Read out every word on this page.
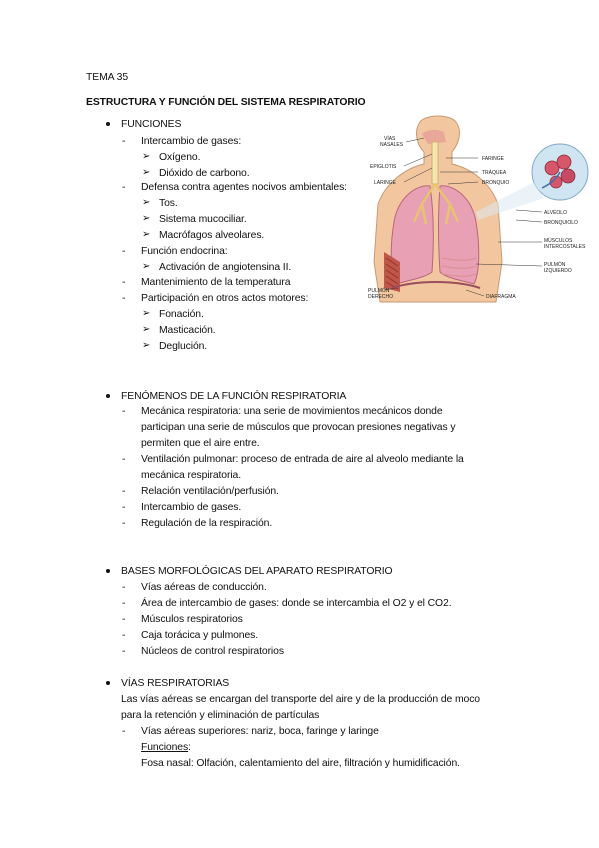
TEMA 35
ESTRUCTURA Y FUNCIÓN DEL SISTEMA RESPIRATORIO
FUNCIONES
- Intercambio de gases:
➢ Oxígeno.
➢ Dióxido de carbono.
- Defensa contra agentes nocivos ambientales:
➢ Tos.
➢ Sistema mucociliar.
➢ Macrófagos alveolares.
- Función endocrina:
➢ Activación de angiotensina II.
- Mantenimiento de la temperatura
- Participación en otros actos motores:
➢ Fonación.
➢ Masticación.
➢ Deglución.
VÍAS
NASALES
EPIGLOTIS
LARINGE
FARINGE
TRÁQUEA
BRONQUIO
ALVÉOLO
BRONQUIOLO
MÚSCULOS
INTERCOSTALES
PULMÓN
IZQUIERDO
PULMÓN
DERECHO	DIAFRAGMA
FENÓMENOS DE LA FUNCIÓN RESPIRATORIA
- Mecánica respiratoria: una serie de movimientos mecánicos donde
participan una serie de músculos que provocan presiones negativas y
permiten que el aire entre.
- Ventilación pulmonar: proceso de entrada de aire al alveolo mediante la
mecánica respiratoria.
- Relación ventilación/perfusión.
- Intercambio de gases.
- Regulación de la respiración.
BASES MORFOLÓGICAS DEL APARATO RESPIRATORIO
- Vías aéreas de conducción.
- Área de intercambio de gases: donde se intercambia el O2 y el CO2.
- Músculos respiratorios
- Caja torácica y pulmones.
- Núcleos de control respiratorios
VÍAS RESPIRATORIAS
Las vías aéreas se encargan del transporte del aire y de la producción de moco
para la retención y eliminación de partículas
- Vías aéreas superiores: nariz, boca, faringe y laringe
Funciones:
Fosa nasal: Olfación, calentamiento del aire, filtración y humidificación.
